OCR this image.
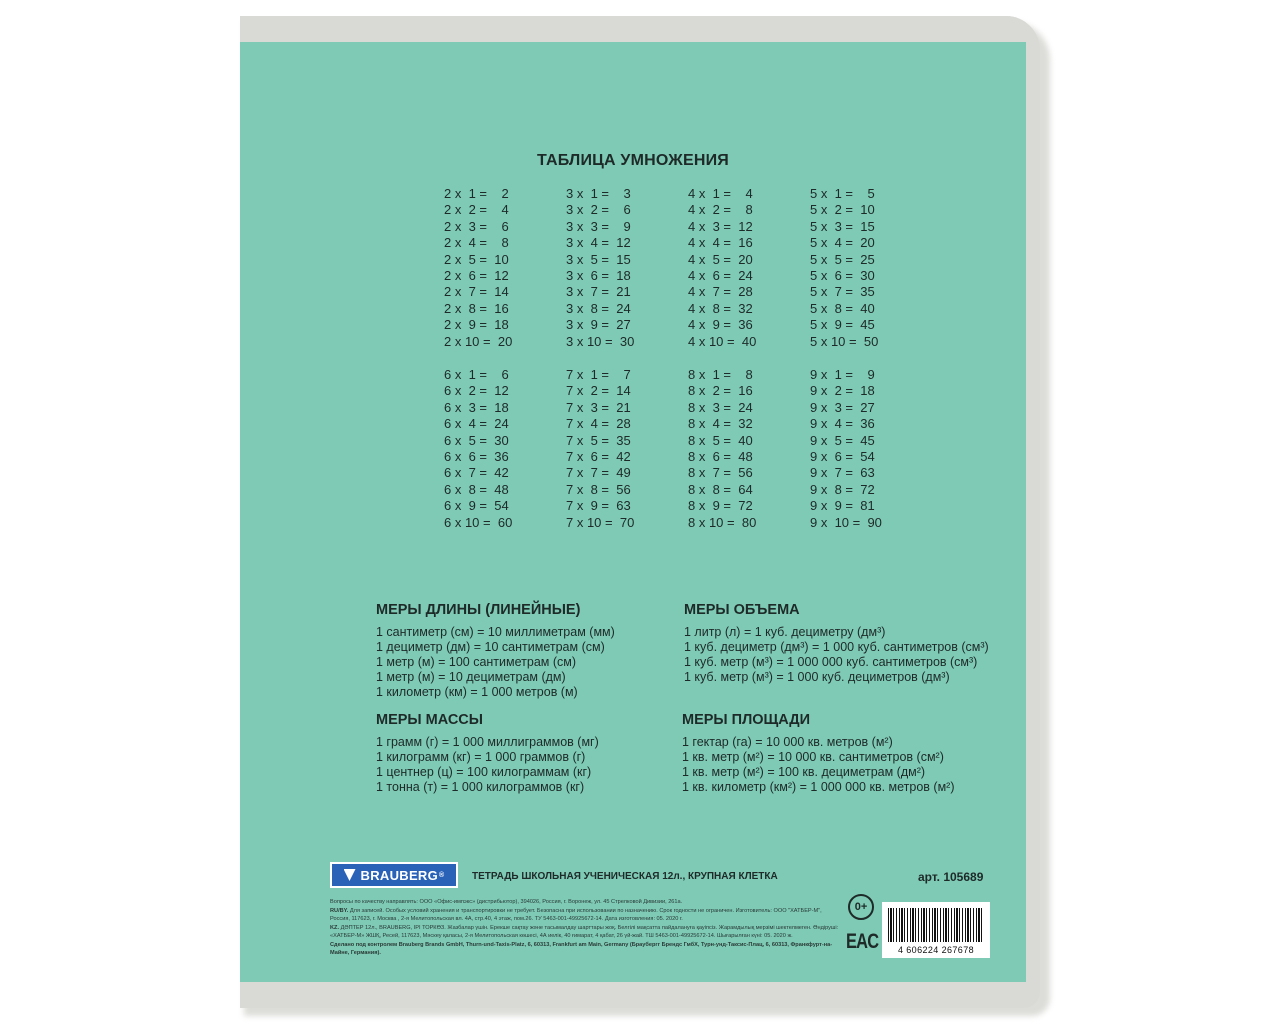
ТАБЛИЦА УМНОЖЕНИЯ
2 x  1 =    2
2 x  2 =    4
2 x  3 =    6
2 x  4 =    8
2 x  5 =  10
2 x  6 =  12
2 x  7 =  14
2 x  8 =  16
2 x  9 =  18
2 x 10 =  20
3 x  1 =    3
3 x  2 =    6
3 x  3 =    9
3 x  4 =  12
3 x  5 =  15
3 x  6 =  18
3 x  7 =  21
3 x  8 =  24
3 x  9 =  27
3 x 10 =  30
4 x  1 =    4
4 x  2 =    8
4 x  3 =  12
4 x  4 =  16
4 x  5 =  20
4 x  6 =  24
4 x  7 =  28
4 x  8 =  32
4 x  9 =  36
4 x 10 =  40
5 x  1 =    5
5 x  2 =  10
5 x  3 =  15
5 x  4 =  20
5 x  5 =  25
5 x  6 =  30
5 x  7 =  35
5 x  8 =  40
5 x  9 =  45
5 x 10 =  50
6 x  1 =    6
6 x  2 =  12
6 x  3 =  18
6 x  4 =  24
6 x  5 =  30
6 x  6 =  36
6 x  7 =  42
6 x  8 =  48
6 x  9 =  54
6 x 10 =  60
7 x  1 =    7
7 x  2 =  14
7 x  3 =  21
7 x  4 =  28
7 x  5 =  35
7 x  6 =  42
7 x  7 =  49
7 x  8 =  56
7 x  9 =  63
7 x 10 =  70
8 x  1 =    8
8 x  2 =  16
8 x  3 =  24
8 x  4 =  32
8 x  5 =  40
8 x  6 =  48
8 x  7 =  56
8 x  8 =  64
8 x  9 =  72
8 x 10 =  80
9 x  1 =    9
9 x  2 =  18
9 x  3 =  27
9 x  4 =  36
9 x  5 =  45
9 x  6 =  54
9 x  7 =  63
9 x  8 =  72
9 x  9 =  81
9 x  10 =  90
МЕРЫ ДЛИНЫ (ЛИНЕЙНЫЕ)
1 сантиметр (см) = 10 миллиметрам (мм)
1 дециметр (дм) = 10 сантиметрам (см)
1 метр (м) = 100 сантиметрам (см)
1 метр (м) = 10 дециметрам (дм)
1 километр (км) = 1 000 метров (м)
МЕРЫ ОБЪЕМА
1 литр (л) = 1 куб. дециметру (дм³)
1 куб. дециметр (дм³) = 1 000 куб. сантиметров (см³)
1 куб. метр (м³) = 1 000 000 куб. сантиметров (см³)
1 куб. метр (м³) = 1 000 куб. дециметров (дм³)
МЕРЫ МАССЫ
1 грамм (г) = 1 000 миллиграммов (мг)
1 килограмм (кг) = 1 000 граммов (г)
1 центнер (ц) = 100 килограммам (кг)
1 тонна (т) = 1 000 килограммов (кг)
МЕРЫ ПЛОЩАДИ
1 гектар (га) = 10 000 кв. метров (м²)
1 кв. метр (м²) = 10 000 кв. сантиметров (см²)
1 кв. метр (м²) = 100 кв. дециметрам (дм²)
1 кв. километр (км²) = 1 000 000 кв. метров (м²)
BRAUBERG ®	ТЕТРАДЬ ШКОЛЬНАЯ УЧЕНИЧЕСКАЯ 12л., КРУПНАЯ КЛЕТКА	арт. 105689
Вопросы по качеству направлять: ООО «Офис-импэкс» (дистрибьютор), 394026, Россия, г. Воронеж, ул. 45 Стрелковой Дивизии, 261а.
RU/BY. Для записей. Особых условий хранения и транспортировки не требует. Безопасна при использовании по назначению. Срок годности не ограничен. Изготовитель: ООО "ХАТБЕР-М", Россия, 117623, г. Москва , 2-я Мелитопольская вл. 4А, стр.40, 4 этаж, пом.26. ТУ 5463-001-49925672-14. Дата изготовления: 05. 2020 г.
KZ. ДӘПТЕР 12л., BRAUBERG, ІРІ ТОРКӨЗ. Жазбалар үшін. Ерекше сақтау және тасымалдау шарттары жоқ. Белгілі мақсатта пайдалануға қауіпсіз. Жарамдылық мерзімі шектелмеген. Өндіруші: «ХАТБЕР-М» ЖШҚ, Ресей, 117623, Мәскеу қаласы, 2-я Мелитопольская көшесі, 4А иелік, 40 ғимарат, 4 қабат, 26 үй-жай. ТШ 5463-001-49925672-14. Шығарылған күні: 05. 2020 ж.
Сделано под контролем Brauberg Brands GmbH, Thurn-und-Taxis-Platz, 6, 60313, Frankfurt am Main, Germany (Браубергг Брендс ГмбХ, Турн-унд-Таксис-Плац, 6, 60313, Франкфурт-на-Майне, Германия).
0+
EAC	4 606224 267678
